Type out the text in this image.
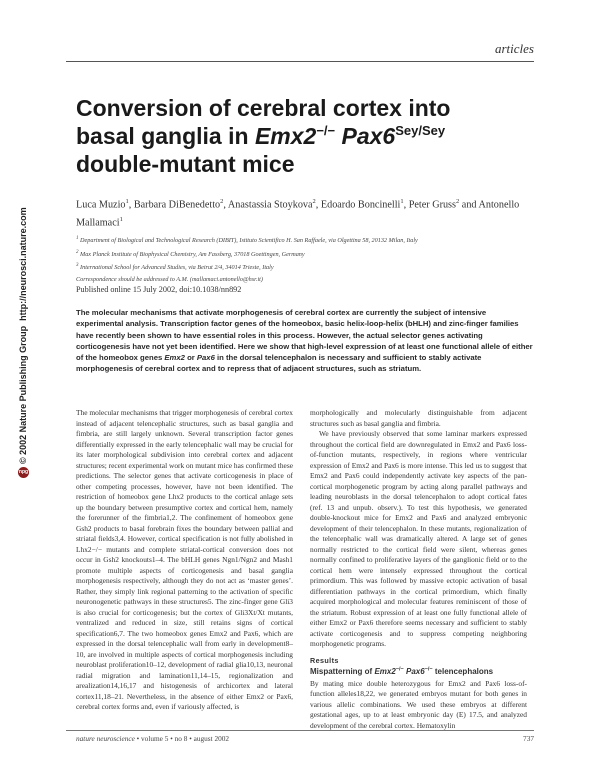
articles
Conversion of cerebral cortex into
basal ganglia in Emx2−/− $Pax6^{Sey/Sey}$
double-mutant mice
Luca Muzio$^1$, Barbara DiBenedetto$^2$, Anastassia Stoykova$^2$, Edoardo Boncinelli$^1$, Peter Gruss$^2$ and Antonello Mallamaci$^1$
$^1$ Department of Biological and Technological Research (DIBIT), Istituto Scientifico H. San Raffaele, via Olgettina 58, 20132 Milan, Italy
$^2$ Max Planck Institute of Biophysical Chemistry, Am Fassberg, 37018 Goettingen, Germany
$^3$ International School for Advanced Studies, via Beirut 2/4, 34014 Trieste, Italy
Correspondence should be addressed to A.M. (mallamaci.antonello@hsr.it)
Published online 15 July 2002, doi:10.1038/nn892

The molecular mechanisms that activate morphogenesis of cerebral cortex are currently the subject of intensive experimental analysis. Transcription factor genes of the homeobox, basic helix-loop-helix (bHLH) and zinc-finger families have recently been shown to have essential roles in this process. However, the actual selector genes activating corticogenesis have not yet been identified. Here we show that high-level expression of at least one functional allele of either of the homeobox genes Emx2 or Pax6 in the dorsal telencephalon is necessary and sufficient to stably activate morphogenesis of cerebral cortex and to repress that of adjacent structures, such as striatum.

The molecular mechanisms that trigger morphogenesis of cerebral cortex instead of adjacent telencephalic structures, such as basal ganglia and fimbria, are still largely unknown. Several transcription factor genes differentially expressed in the early telencephalic wall may be crucial for its later morphological subdivision into cerebral cortex and adjacent structures; recent experimental work on mutant mice has confirmed these predictions. The selector genes that activate corticogenesis in place of other competing processes, however, have not been identified. The restriction of homeobox gene Lhx2 products to the cortical anlage sets up the boundary between presumptive cortex and cortical hem, namely the forerunner of the fimbria1,2. The confinement of homeobox gene Gsh2 products to basal forebrain fixes the boundary between pallial and striatal fields3,4. However, cortical specification is not fully abolished in Lhx2−/− mutants and complete striatal-cortical conversion does not occur in Gsh2 knockouts1–4. The bHLH genes Ngn1/Ngn2 and Mash1 promote multiple aspects of corticogenesis and basal ganglia morphogenesis respectively, although they do not act as ‘master genes’. Rather, they simply link regional patterning to the activation of specific neuronogenetic pathways in these structures5. The zinc-finger gene Gli3 is also crucial for corticogenesis; but the cortex of Gli3Xt/Xt mutants, ventralized and reduced in size, still retains signs of cortical specification6,7. The two homeobox genes Emx2 and Pax6, which are expressed in the dorsal telencephalic wall from early in development8–10, are involved in multiple aspects of cortical morphogenesis including neuroblast proliferation10–12, development of radial glia10,13, neuronal radial migration and lamination11,14–15, regionalization and arealization14,16,17 and histogenesis of archicortex and lateral cortex11,18–21. Nevertheless, in the absence of either Emx2 or Pax6, cerebral cortex forms and, even if variously affected, is

morphologically and molecularly distinguishable from adjacent structures such as basal ganglia and fimbria.

We have previously observed that some laminar markers expressed throughout the cortical field are downregulated in Emx2 and Pax6 loss-of-function mutants, respectively, in regions where ventricular expression of Emx2 and Pax6 is more intense. This led us to suggest that Emx2 and Pax6 could independently activate key aspects of the pan-cortical morphogenetic program by acting along parallel pathways and leading neuroblasts in the dorsal telencephalon to adopt cortical fates (ref. 13 and unpub. observ.). To test this hypothesis, we generated double-knockout mice for Emx2 and Pax6 and analyzed embryonic development of their telencephalon. In these mutants, regionalization of the telencephalic wall was dramatically altered. A large set of genes normally restricted to the cortical field were silent, whereas genes normally confined to proliferative layers of the ganglionic field or to the cortical hem were intensely expressed throughout the cortical primordium. This was followed by massive ectopic activation of basal differentiation pathways in the cortical primordium, which finally acquired morphological and molecular features reminiscent of those of the striatum. Robust expression of at least one fully functional allele of either Emx2 or Pax6 therefore seems necessary and sufficient to stably activate corticogenesis and to suppress competing neighboring morphogenetic programs.

Results
Mispatterning of Emx2−/− Pax6−/− telencephalons

By mating mice double heterozygous for Emx2 and Pax6 loss-of-function alleles18,22, we generated embryos mutant for both genes in various allelic combinations. We used these embryos at different gestational ages, up to at least embryonic day (E) 17.5, and analyzed development of the cerebral cortex. Hematoxylin

nature neuroscience • volume 5 • no 8 • august 2002	737
npg© 2002 Nature Publishing Group  http://neurosci.nature.com
